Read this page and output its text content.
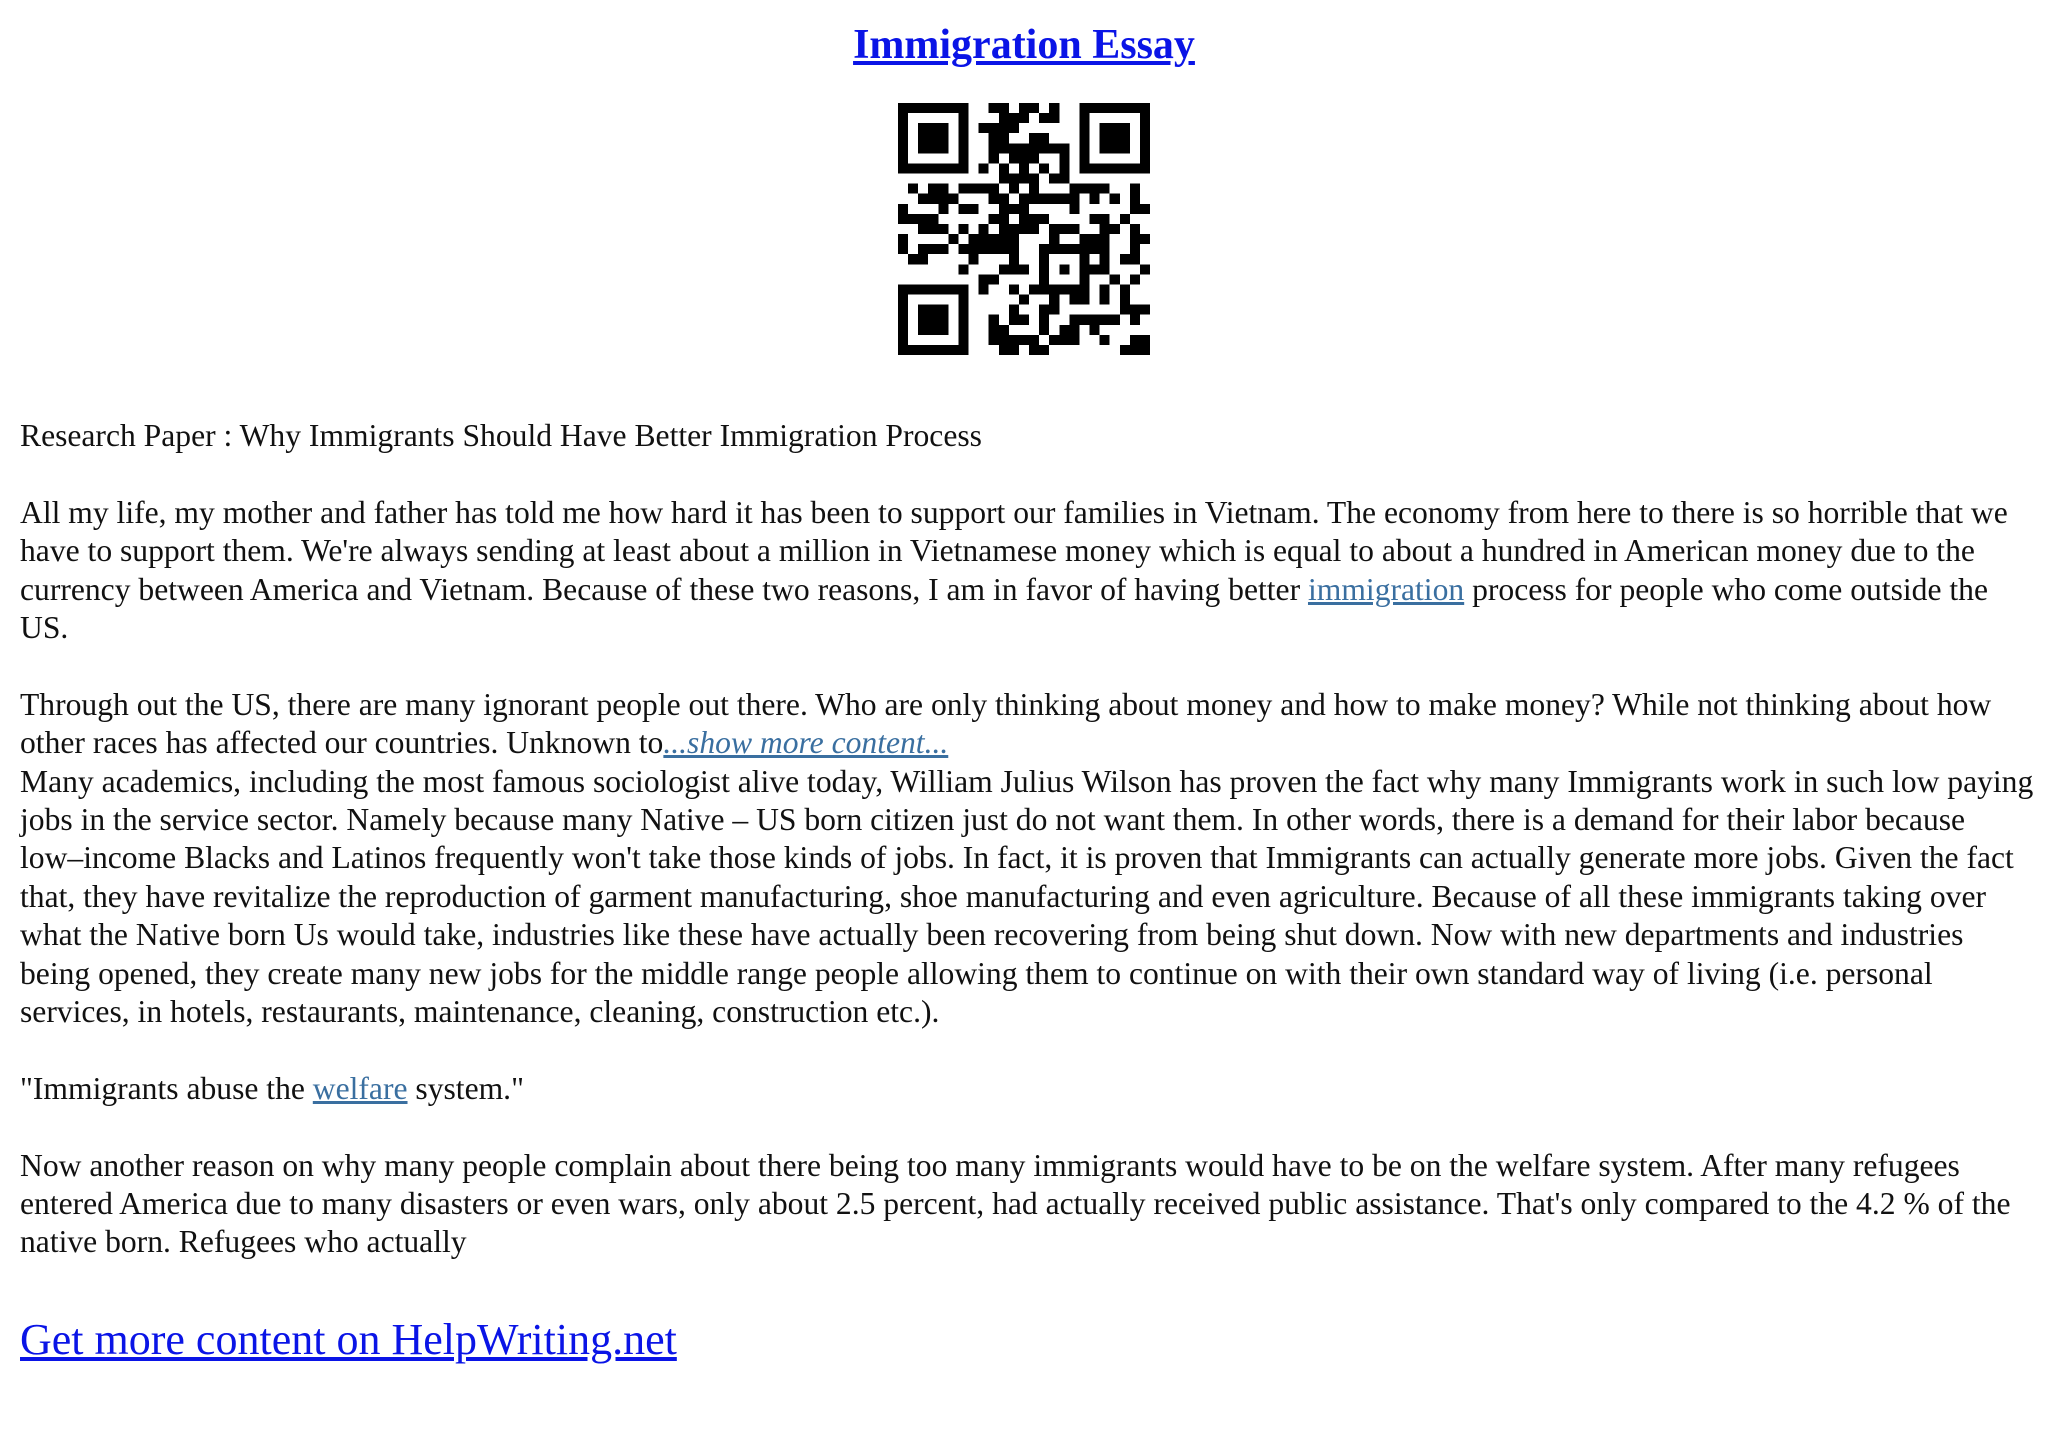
Immigration Essay

Research Paper : Why Immigrants Should Have Better Immigration Process

All my life, my mother and father has told me how hard it has been to support our families in Vietnam. The economy from here to there is so horrible that we have to support them. We're always sending at least about a million in Vietnamese money which is equal to about a hundred in American money due to the currency between America and Vietnam. Because of these two reasons, I am in favor of having better immigration process for people who come outside the US.

Through out the US, there are many ignorant people out there. Who are only thinking about money and how to make money? While not thinking about how other races has affected our countries. Unknown to...show more content...

Many academics, including the most famous sociologist alive today, William Julius Wilson has proven the fact why many Immigrants work in such low paying jobs in the service sector. Namely because many Native – US born citizen just do not want them. In other words, there is a demand for their labor because low–income Blacks and Latinos frequently won't take those kinds of jobs. In fact, it is proven that Immigrants can actually generate more jobs. Given the fact that, they have revitalize the reproduction of garment manufacturing, shoe manufacturing and even agriculture. Because of all these immigrants taking over what the Native born Us would take, industries like these have actually been recovering from being shut down. Now with new departments and industries being opened, they create many new jobs for the middle range people allowing them to continue on with their own standard way of living (i.e. personal services, in hotels, restaurants, maintenance, cleaning, construction etc.).

"Immigrants abuse the welfare system."

Now another reason on why many people complain about there being too many immigrants would have to be on the welfare system. After many refugees entered America due to many disasters or even wars, only about 2.5 percent, had actually received public assistance. That's only compared to the 4.2 % of the native born. Refugees who actually

Get more content on HelpWriting.net
